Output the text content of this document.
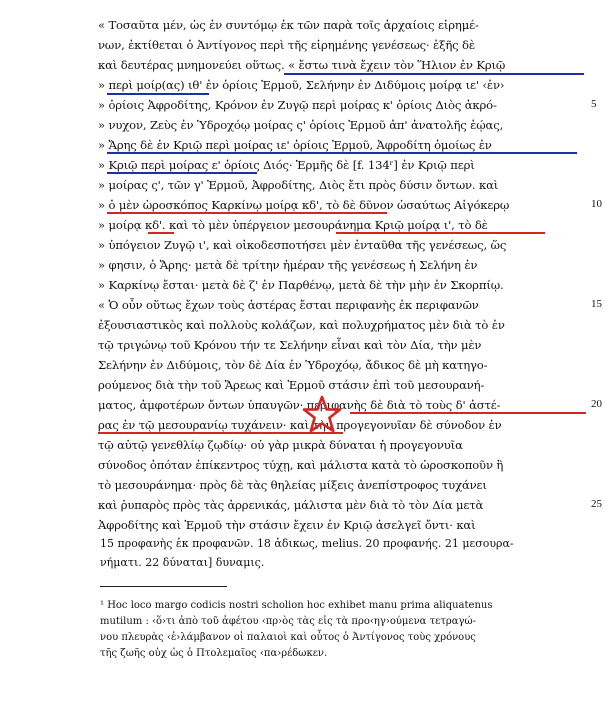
« Τοσαῦτα μέν, ὡς ἐν συντόμῳ ἐκ τῶν παρὰ τοῖς ἀρχαίοις εἰρημέ-
νων, ἐκτίθεται ὁ Ἀντίγονος περὶ τῆς εἰρημένης γενέσεως· ἑξῆς δὲ
καὶ δευτέρας μνημονεύει οὕτως. « ἔστω τινὰ ἔχειν τὸν Ἥλιον ἐν Κριῷ
» περὶ μοίρ(ας) ιθ' ἐν ὁρίοις Ἑρμοῦ, Σελήνην ἐν Διδύμοις μοίρᾳ ιε' ‹ἐν›
» ὁρίοις Ἀφροδίτης, Κρόνον ἐν Ζυγῷ περὶ μοίρας κ' ὁρίοις Διὸς ἀκρό-
» νυχον, Ζεὺς ἐν Ὑδροχόῳ μοίρας ς' ὁρίοις Ἑρμοῦ ἀπ' ἀνατολῆς ἑῴας,
» Ἄρης δὲ ἐν Κριῷ περὶ μοίρας ιε' ὁρίοις Ἑρμοῦ, Ἀφροδίτη ὁμοίως ἐν
» Κριῷ περὶ μοίρας ε' ὁρίοις Διός· Ἑρμῆς δὲ [f. 134ʳ] ἐν Κριῷ περὶ
» μοίρας ς', τῶν γ' Ἑρμοῦ, Ἀφροδίτης, Διὸς ἔτι πρὸς δύσιν ὄντων. καὶ
» ὁ μὲν ὡροσκόπος Καρκίνῳ μοίρᾳ κδ', τὸ δὲ δῦνον ὡσαύτως Αἰγόκερῳ
» μοίρᾳ κδ'. καὶ τὸ μὲν ὑπέργειον μεσουράνημα Κριῷ μοίρᾳ ι', τὸ δὲ
» ὑπόγειον Ζυγῷ ι', καὶ οἰκοδεσποτήσει μὲν ἐνταῦθα τῆς γενέσεως, ὥς
» φησιν, ὁ Ἄρης· μετὰ δὲ τρίτην ἡμέραν τῆς γενέσεως ἡ Σελήνη ἐν
» Καρκίνῳ ἔσται· μετὰ δὲ ζ' ἐν Παρθένῳ, μετὰ δὲ τὴν μὴν ἐν Σκορπίῳ.
« Ὁ οὖν οὕτως ἔχων τοὺς ἀστέρας ἔσται περιφανὴς ἐκ περιφανῶν
ἐξουσιαστικὸς καὶ πολλοὺς κολάζων, καὶ πολυχρήματος μὲν διὰ τὸ ἐν
τῷ τριγώνῳ τοῦ Κρόνου τήν τε Σελήνην εἶναι καὶ τὸν Δία, τὴν μὲν
Σελήνην ἐν Διδύμοις, τὸν δὲ Δία ἐν Ὑδροχόῳ, ἄδικος δὲ μὴ κατηγο-
ρούμενος διὰ τὴν τοῦ Ἄρεως καὶ Ἑρμοῦ στάσιν ἐπὶ τοῦ μεσουρανή-
ματος, ἀμφοτέρων ὄντων ὑπαυγῶν· περιφανὴς δὲ διὰ τὸ τοὺς δ' ἀστέ-
ρας ἐν τῷ μεσουρανίῳ τυχάνειν· καὶ τὴν προγεγονυῖαν δὲ σύνοδον ἐν
τῷ αὐτῷ γενεθλίῳ ζῳδίῳ· οὐ γὰρ μικρὰ δύναται ἡ προγεγονυῖα
σύνοδος ὁπόταν ἐπίκεντρος τύχῃ, καὶ μάλιστα κατὰ τὸ ὡροσκοποῦν ἢ
τὸ μεσουράνημα· πρὸς δὲ τὰς θηλείας μίξεις ἀνεπίστροφος τυχάνει
καὶ ῥυπαρὸς πρὸς τὰς ἀρρενικάς, μάλιστα μὲν διὰ τὸ τὸν Δία μετὰ
Ἀφροδίτης καὶ Ἑρμοῦ τὴν στάσιν ἔχειν ἐν Κριῷ ἀσελγεῖ ὄντι· καὶ
5
10
15
20
25
15 προφανὴς ἐκ προφανῶν. 18 ἀδικως, melius. 20 προφανής. 21 μεσουρα-
νήματι. 22 δύναται] δυναμις.
¹ Hoc loco margo codicis nostri scholion hoc exhibet manu prima aliquatenus
mutilum : ‹ὅ›τι ἀπὸ τοῦ ἀφέτου ‹πρ›ὸς τὰς εἰς τὰ προ‹ηγ›ούμενα τετραγώ-
νου πλευρὰς ‹ἐ›λάμβανον οἱ παλαιοὶ καὶ οὗτος ὁ Ἀντίγονος τοὺς χρόνους
τῆς ζωῆς οὐχ ὡς ὁ Πτολεμαῖος ‹πα›ρέδωκεν.
